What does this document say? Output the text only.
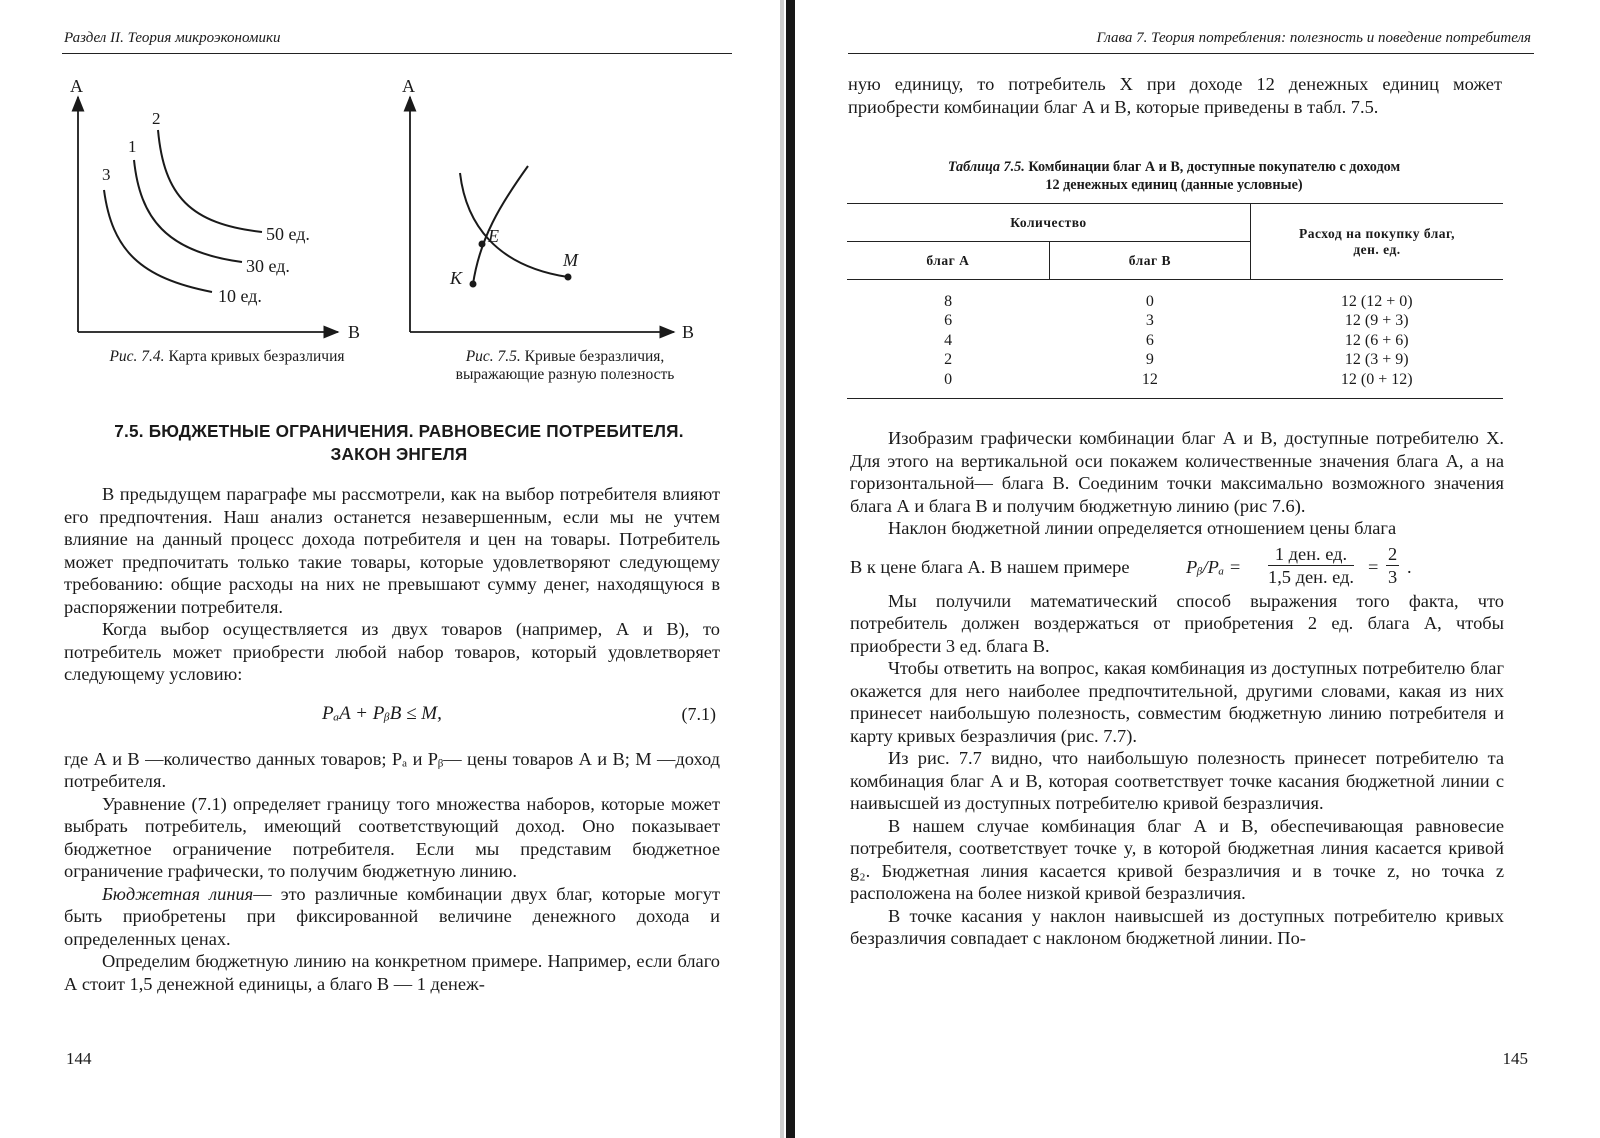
Раздел II. Теория микроэкономики
A
B
3
1
2
50 ед.
30 ед.
10 ед.
A
B
E
K
M
Рис. 7.4. Карта кривых безразличия	Рис. 7.5. Кривые безразличия,
выражающие разную полезность
7.5. БЮДЖЕТНЫЕ ОГРАНИЧЕНИЯ. РАВНОВЕСИЕ ПОТРЕБИТЕЛЯ.
ЗАКОН ЭНГЕЛЯ

В предыдущем параграфе мы рассмотрели, как на выбор потребителя влияют его предпочтения. Наш анализ останется незавершенным, если мы не учтем влияние на данный процесс дохода потребителя и цен на товары. Потребитель может предпочитать только такие товары, которые удовлетворяют следующему требованию: общие расходы на них не превышают сумму денег, находящуюся в распоряжении потребителя.

Когда выбор осуществляется из двух товаров (например, А и В), то потребитель может приобрести любой набор товаров, который удовлетворяет следующему условию:

PₐA + PᵦB ≤ M,	(7.1)

где А и В —количество данных товаров; Pₐ и Pᵦ— цены товаров А и В; М —доход потребителя.

Уравнение (7.1) определяет границу того множества наборов, которые может выбрать потребитель, имеющий соответствующий доход. Оно показывает бюджетное ограничение потребителя. Если мы представим бюджетное ограничение графически, то получим бюджетную линию.

Бюджетная линия— это различные комбинации двух благ, которые могут быть приобретены при фиксированной величине денежного дохода и определенных ценах.

Определим бюджетную линию на конкретном примере. Например, если благо А стоит 1,5 денежной единицы, а благо В — 1 денеж-

144
Глава 7. Теория потребления: полезность и поведение потребителя

ную единицу, то потребитель X при доходе 12 денежных единиц может приобрести комбинации благ А и В, которые приведены в табл. 7.5.

Таблица 7.5. Комбинации благ А и В, доступные покупателю с доходом
12 денежных единиц (данные условные)
Количество		Расход на покупку благ,
ден. ед.
благ А	благ В	
8	0	12 (12 + 0)
6	3	12 (9 + 3)
4	6	12 (6 + 6)
2	9	12 (3 + 9)
0	12	12 (0 + 12)

Изобразим графически комбинации благ А и В, доступные потребителю X. Для этого на вертикальной оси покажем количественные значения блага А, а на горизонтальной— блага В. Соединим точки максимально возможного значения блага А и блага В и получим бюджетную линию (рис 7.6).

Наклон бюджетной линии определяется отношением цены блага

В к цене блага А. В нашем примере	Pᵦ/Pₐ =
1 ден. ед.
1,5 ден. ед. = $\frac{2}{3}$ .

Мы получили математический способ выражения того факта, что потребитель должен воздержаться от приобретения 2 ед. блага А, чтобы приобрести 3 ед. блага В.

Чтобы ответить на вопрос, какая комбинация из доступных потребителю благ окажется для него наиболее предпочтительной, другими словами, какая из них принесет наибольшую полезность, совместим бюджетную линию потребителя и карту кривых безразличия (рис. 7.7).

Из рис. 7.7 видно, что наибольшую полезность принесет потребителю та комбинация благ А и В, которая соответствует точке касания бюджетной линии с наивысшей из доступных потребителю кривой безразличия.

В нашем случае комбинация благ А и В, обеспечивающая равновесие потребителя, соответствует точке y, в которой бюджетная линия касается кривой g₂. Бюджетная линия касается кривой безразличия и в точке z, но точка z расположена на более низкой кривой безразличия.

В точке касания y наклон наивысшей из доступных потребителю кривых безразличия совпадает с наклоном бюджетной линии. По-

145
